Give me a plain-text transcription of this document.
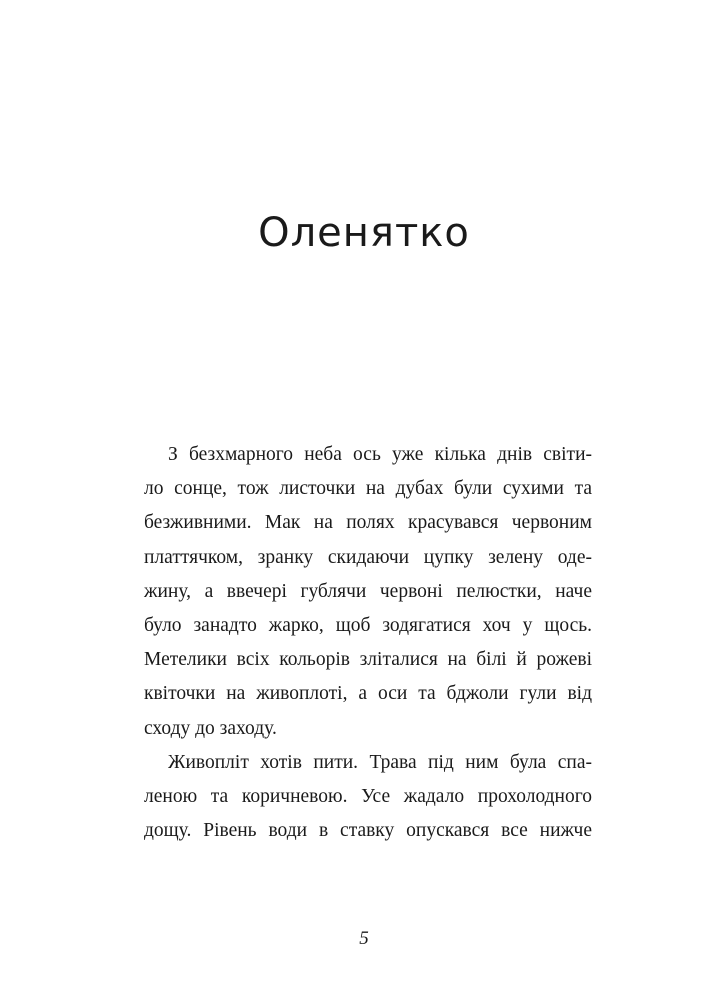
Оленятко
З безхмарного неба ось уже кілька днів світи-
ло сонце, тож листочки на дубах були сухими та
безживними. Мак на полях красувався червоним
платтячком, зранку скидаючи цупку зелену оде-
жину, а ввечері гублячи червоні пелюстки, наче
було занадто жарко, щоб зодягатися хоч у щось.
Метелики всіх кольорів зліталися на білі й рожеві
квіточки на живоплоті, а оси та бджоли гули від
сходу до заходу.
Живопліт хотів пити. Трава під ним була спа-
леною та коричневою. Усе жадало прохолодного
дощу. Рівень води в ставку опускався все нижче
5
